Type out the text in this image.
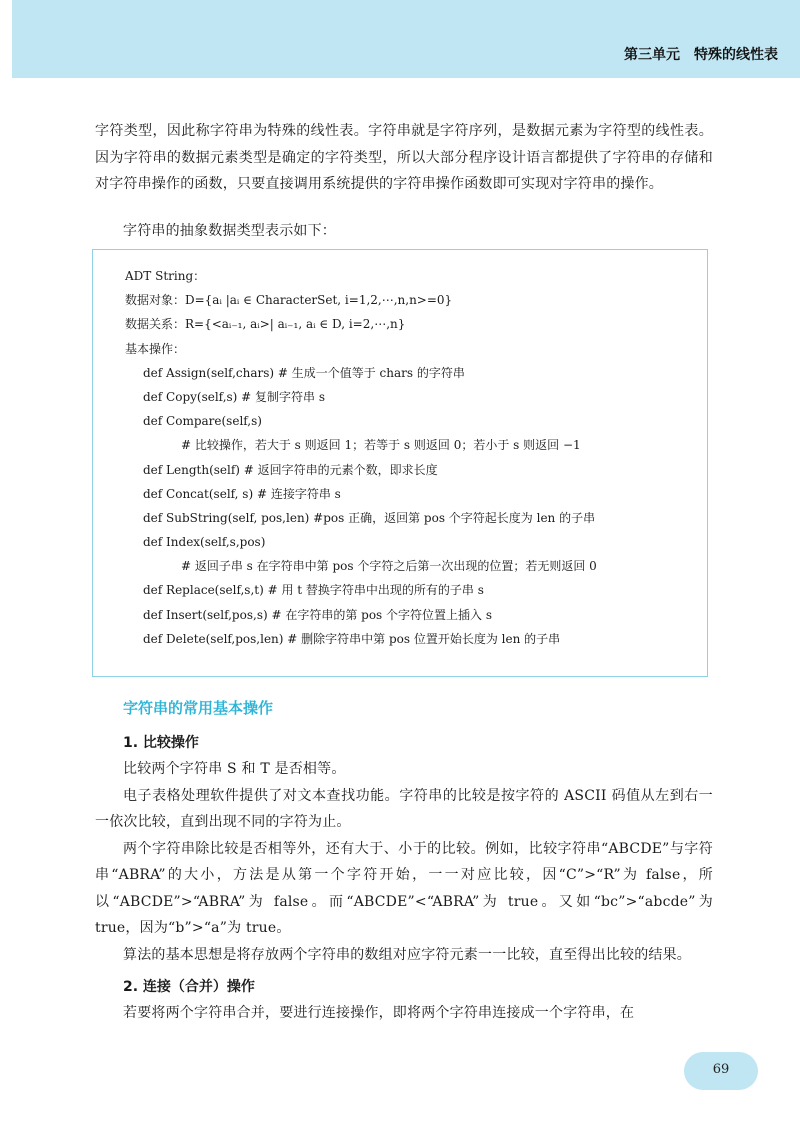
第三单元　特殊的线性表

字符类型，因此称字符串为特殊的线性表。字符串就是字符序列，是数据元素为字符型的线性表。因为字符串的数据元素类型是确定的字符类型，所以大部分程序设计语言都提供了字符串的存储和对字符串操作的函数，只要直接调用系统提供的字符串操作函数即可实现对字符串的操作。

字符串的抽象数据类型表示如下：

ADT String：
数据对象：D={aᵢ |aᵢ ∈ CharacterSet, i=1,2,⋯,n,n>=0}
数据关系：R={<aᵢ₋₁, aᵢ>| aᵢ₋₁, aᵢ ∈ D, i=2,⋯,n}
基本操作：
def Assign(self,chars) # 生成一个值等于 chars 的字符串
def Copy(self,s) # 复制字符串 s
def Compare(self,s)
# 比较操作，若大于 s 则返回 1；若等于 s 则返回 0；若小于 s 则返回 −1
def Length(self) # 返回字符串的元素个数，即求长度
def Concat(self, s) # 连接字符串 s
def SubString(self, pos,len) #pos 正确，返回第 pos 个字符起长度为 len 的子串
def Index(self,s,pos)
# 返回子串 s 在字符串中第 pos 个字符之后第一次出现的位置；若无则返回 0
def Replace(self,s,t) # 用 t 替换字符串中出现的所有的子串 s
def Insert(self,pos,s) # 在字符串的第 pos 个字符位置上插入 s
def Delete(self,pos,len) # 删除字符串中第 pos 位置开始长度为 len 的子串
字符串的常用基本操作
1. 比较操作

比较两个字符串 S 和 T 是否相等。

电子表格处理软件提供了对文本查找功能。字符串的比较是按字符的 ASCII 码值从左到右一一依次比较，直到出现不同的字符为止。

两个字符串除比较是否相等外，还有大于、小于的比较。例如，比较字符串“ABCDE”与字符串“ABRA”的大小，方法是从第一个字符开始，一一对应比较，因“C”>“R”为 false，所以“ABCDE”>“ABRA”为 false。而“ABCDE”<“ABRA”为 true。又如“bc”>“abcde”为 true，因为“b”>“a”为 true。

算法的基本思想是将存放两个字符串的数组对应字符元素一一比较，直至得出比较的结果。

2. 连接（合并）操作

若要将两个字符串合并，要进行连接操作，即将两个字符串连接成一个字符串，在

69
